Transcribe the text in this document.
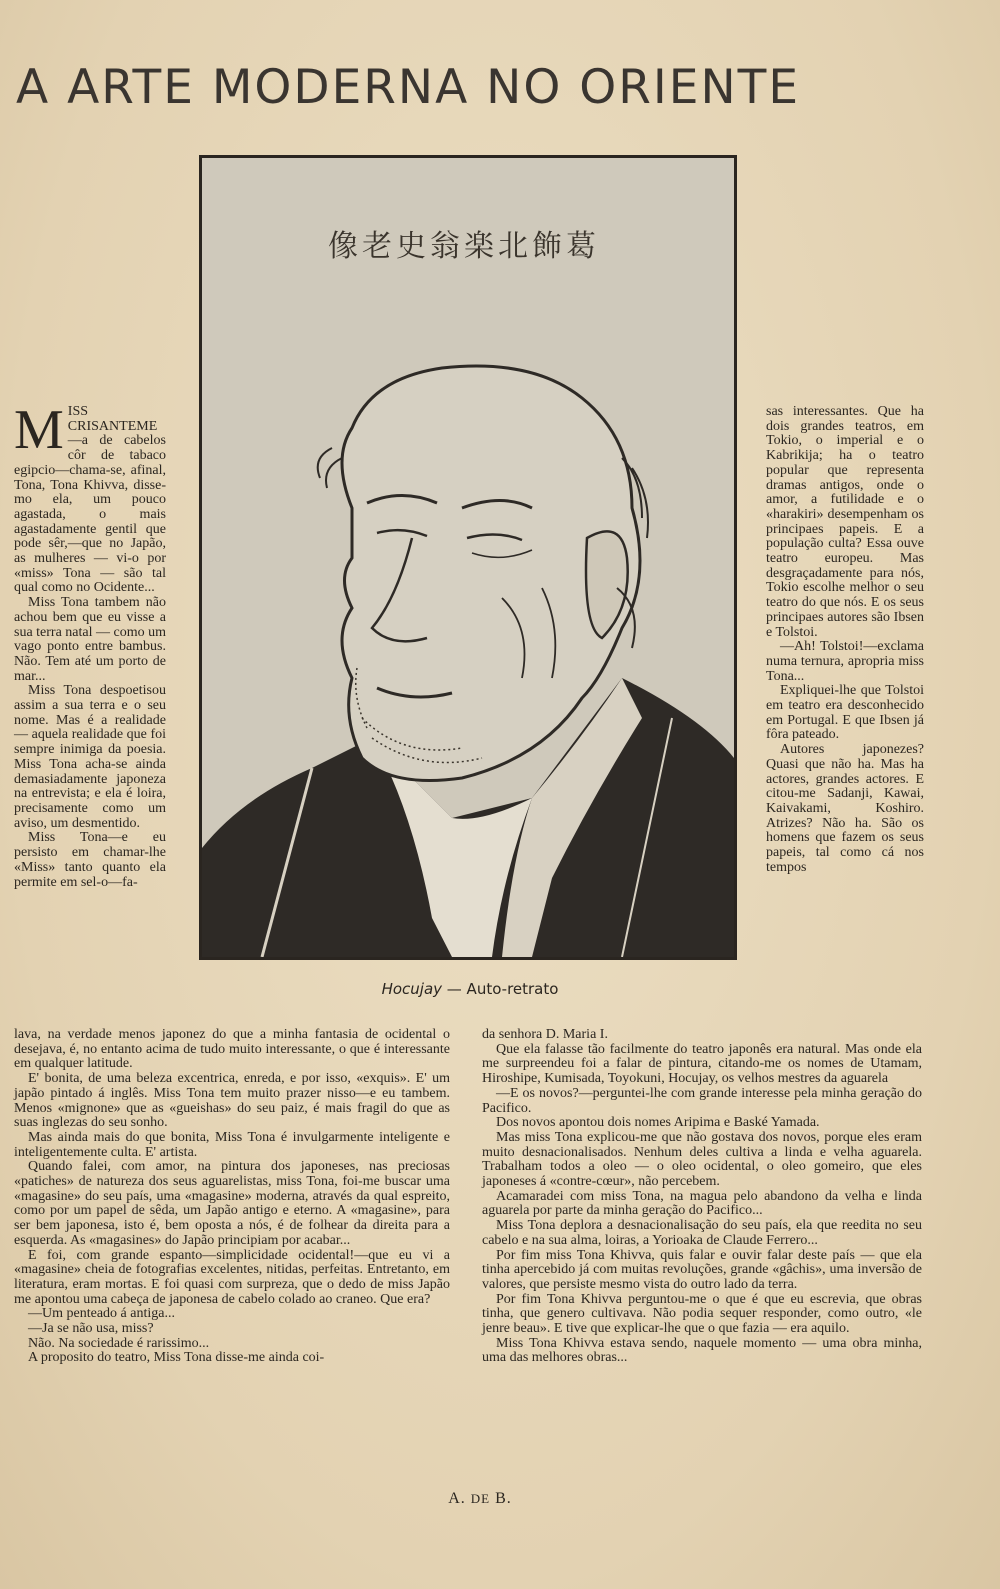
A ARTE MODERNA NO ORIENTE
像老史翁楽北飾葛
Hocujay — Auto-retrato

MISS CRISANTEME—a de cabelos côr de tabaco egipcio—chama-se, afinal, Tona, Tona Khivva, disse-mo ela, um pouco agastada, o mais agastadamente gentil que pode sêr,—que no Japão, as mulheres — vi-o por «miss» Tona — são tal qual como no Ocidente...

Miss Tona tambem não achou bem que eu visse a sua terra natal — como um vago ponto entre bambus. Não. Tem até um porto de mar...

Miss Tona despoetisou assim a sua terra e o seu nome. Mas é a realidade — aquela realidade que foi sempre inimiga da poesia. Miss Tona acha-se ainda demasiadamente japoneza na entrevista; e ela é loira, precisamente como um aviso, um desmentido.

Miss Tona—e eu persisto em chamar-lhe «Miss» tanto quanto ela permite em sel-o—fa-

sas interessantes. Que ha dois grandes teatros, em Tokio, o imperial e o Kabrikija; ha o teatro popular que representa dramas antigos, onde o amor, a futilidade e o «harakiri» desempenham os principaes papeis. E a população culta? Essa ouve teatro europeu. Mas desgraçadamente para nós, Tokio escolhe melhor o seu teatro do que nós. E os seus principaes autores são Ibsen e Tolstoi.

—Ah! Tolstoi!—exclama numa ternura, apropria miss Tona...

Expliquei-lhe que Tolstoi em teatro era desconhecido em Portugal. E que Ibsen já fôra pateado.

Autores japonezes? Quasi que não ha. Mas ha actores, grandes actores. E citou-me Sadanji, Kawai, Kaivakami, Koshiro. Atrizes? Não ha. São os homens que fazem os seus papeis, tal como cá nos tempos

lava, na verdade menos japonez do que a minha fantasia de ocidental o desejava, é, no entanto acima de tudo muito interessante, o que é interessante em qualquer latitude.

E' bonita, de uma beleza excentrica, enreda, e por isso, «exquis». E' um japão pintado á inglês. Miss Tona tem muito prazer nisso—e eu tambem. Menos «mignone» que as «gueishas» do seu paiz, é mais fragil do que as suas inglezas do seu sonho.

Mas ainda mais do que bonita, Miss Tona é invulgarmente inteligente e inteligentemente culta. E' artista.

Quando falei, com amor, na pintura dos japoneses, nas preciosas «patiches» de natureza dos seus aguarelistas, miss Tona, foi-me buscar uma «magasine» do seu país, uma «magasine» moderna, através da qual espreito, como por um papel de sêda, um Japão antigo e eterno. A «magasine», para ser bem japonesa, isto é, bem oposta a nós, é de folhear da direita para a esquerda. As «magasines» do Japão principiam por acabar...

E foi, com grande espanto—simplicidade ocidental!—que eu vi a «magasine» cheia de fotografias excelentes, nitidas, perfeitas. Entretanto, em literatura, eram mortas. E foi quasi com surpreza, que o dedo de miss Japão me apontou uma cabeça de japonesa de cabelo colado ao craneo. Que era?

—Um penteado á antiga...

—Ja se não usa, miss?

Não. Na sociedade é rarissimo...

A proposito do teatro, Miss Tona disse-me ainda coi-

da senhora D. Maria I.

Que ela falasse tão facilmente do teatro japonês era natural. Mas onde ela me surpreendeu foi a falar de pintura, citando-me os nomes de Utamam, Hiroshipe, Kumisada, Toyokuni, Hocujay, os velhos mestres da aguarela

—E os novos?—perguntei-lhe com grande interesse pela minha geração do Pacifico.

Dos novos apontou dois nomes Aripima e Baské Yamada.

Mas miss Tona explicou-me que não gostava dos novos, porque eles eram muito desnacionalisados. Nenhum deles cultiva a linda e velha aguarela. Trabalham todos a oleo — o oleo ocidental, o oleo gomeiro, que eles japoneses á «contre-cœur», não percebem.

Acamaradei com miss Tona, na magua pelo abandono da velha e linda aguarela por parte da minha geração do Pacifico...

Miss Tona deplora a desnacionalisação do seu país, ela que reedita no seu cabelo e na sua alma, loiras, a Yorioaka de Claude Ferrero...

Por fim miss Tona Khivva, quis falar e ouvir falar deste país — que ela tinha apercebido já com muitas revoluções, grande «gâchis», uma inversão de valores, que persiste mesmo vista do outro lado da terra.

Por fim Tona Khivva perguntou-me o que é que eu escrevia, que obras tinha, que genero cultivava. Não podia sequer responder, como outro, «le jenre beau». E tive que explicar-lhe que o que fazia — era aquilo.

Miss Tona Khivva estava sendo, naquele momento — uma obra minha, uma das melhores obras...

A. DE B.
